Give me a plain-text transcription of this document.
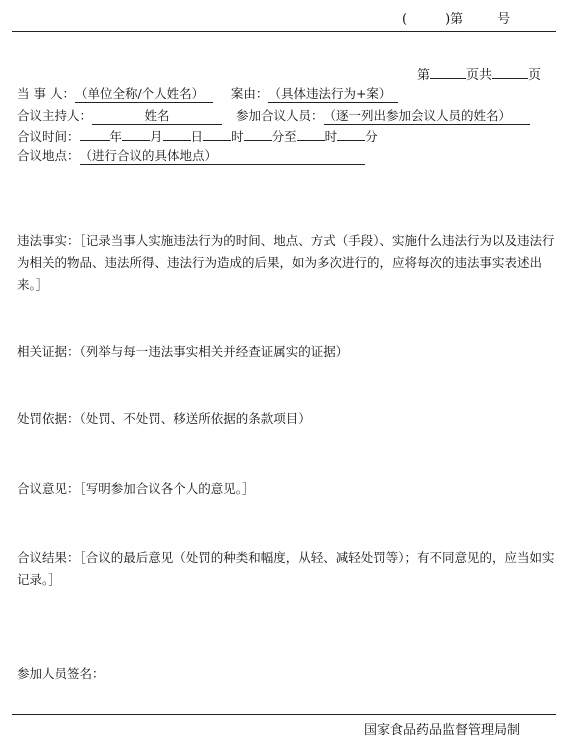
(	)第	号
第	页共	页
当 事 人：（单位全称/个人姓名） 案由：（具体违法行为+案）
合议主持人：	姓名	参加合议人员：（逐一列出参加会议人员的姓名）
合议时间： 年 月 日 时 分至 时 分
合议地点：（进行合议的具体地点）
违法事实：［记录当事人实施违法行为的时间、地点、方式（手段）、实施什么违法行为以及违法行为相关的物品、违法所得、违法行为造成的后果，如为多次进行的，应将每次的违法事实表述出来。］
相关证据：（列举与每一违法事实相关并经查证属实的证据）
处罚依据：（处罚、不处罚、移送所依据的条款项目）
合议意见：［写明参加合议各个人的意见。］
合议结果：［合议的最后意见（处罚的种类和幅度，从轻、减轻处罚等）；有不同意见的，应当如实记录。］
参加人员签名：
国家食品药品监督管理局制
